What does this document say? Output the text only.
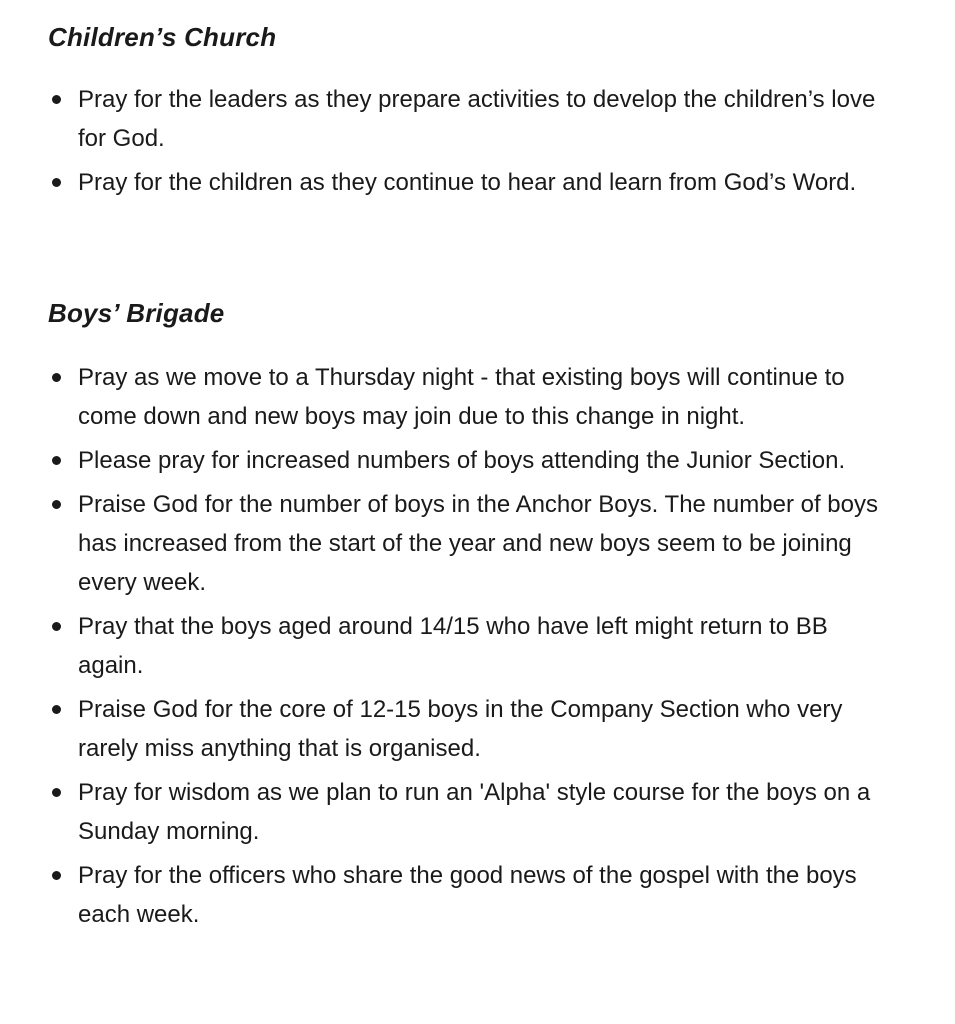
Children’s Church
Pray for the leaders as they prepare activities to develop the children’s love for God.
Pray for the children as they continue to hear and learn from God’s Word.
Boys’ Brigade
Pray as we move to a Thursday night - that existing boys will continue to come down and new boys may join due to this change in night.
Please pray for increased numbers of boys attending the Junior Section.
Praise God for the number of boys in the Anchor Boys. The number of boys has increased from the start of the year and new boys seem to be joining every week.
Pray that the boys aged around 14/15 who have left might return to BB again.
Praise God for the core of 12-15 boys in the Company Section who very rarely miss anything that is organised.
Pray for wisdom as we plan to run an 'Alpha' style course for the boys on a Sunday morning.
Pray for the officers who share the good news of the gospel with the boys each week.
